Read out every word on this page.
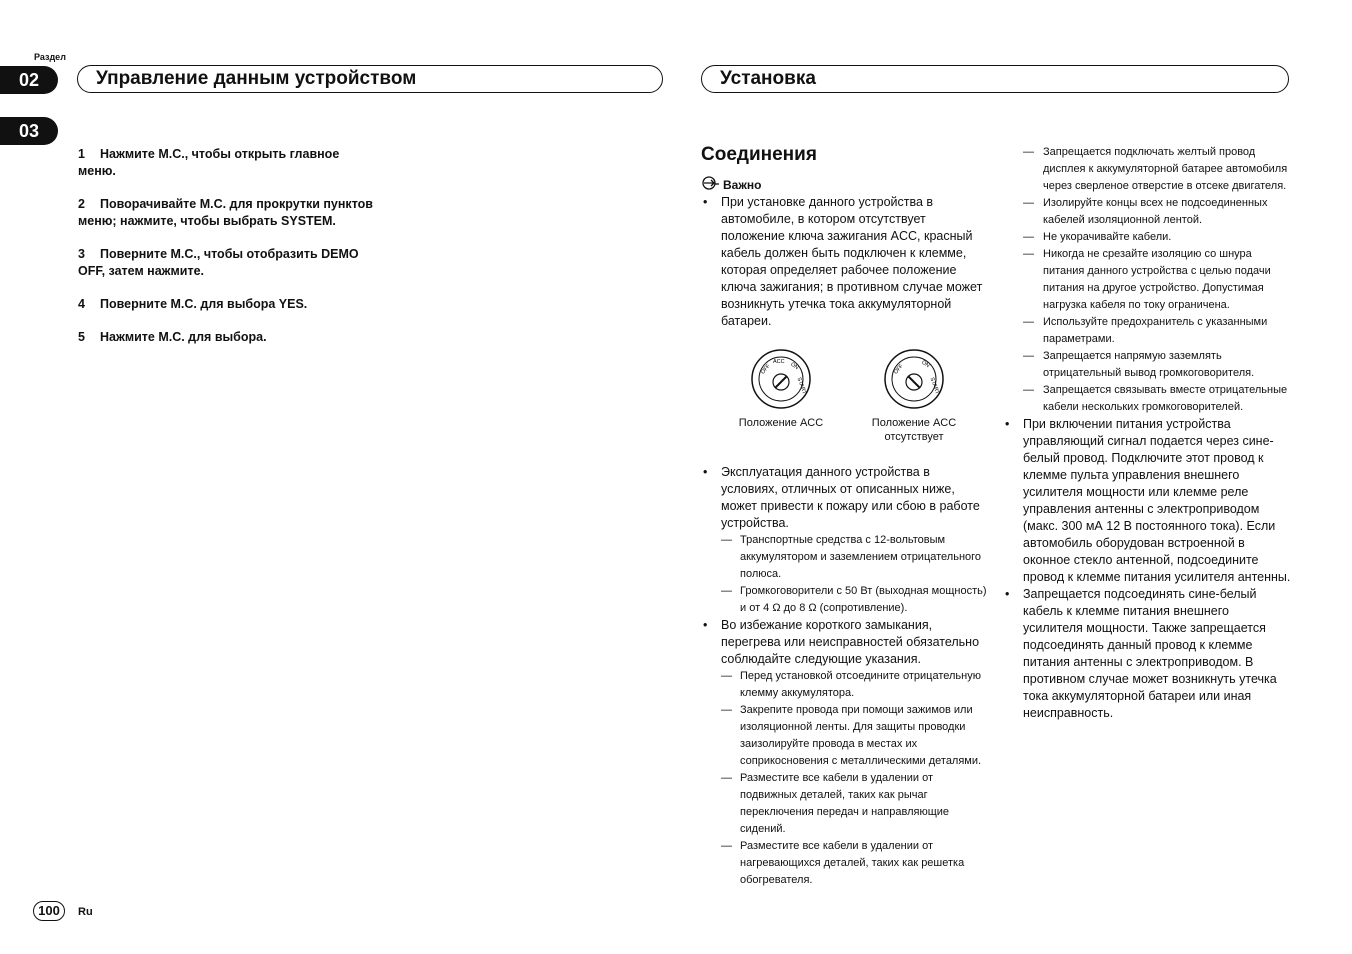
Раздел
02
03
Управление данным устройством	Установка
1 Нажмите M.C., чтобы открыть главное меню.
2 Поворачивайте M.C. для прокрутки пунктов меню; нажмите, чтобы выбрать SYSTEM.
3 Поверните M.C., чтобы отобразить DEMO OFF, затем нажмите.
4 Поверните M.C. для выбора YES.
5 Нажмите M.C. для выбора.
Соединения
Важно

• При установке данного устройства в автомобиле, в котором отсутствует положение ключа зажигания ACC, красный кабель должен быть подключен к клемме, которая определяет рабочее положение ключа зажигания; в противном случае может возникнуть утечка тока аккумуляторной батареи.

OFF
ACC ON
START
Положение ACC
OFF	ON
START
Положение ACC отсутствует

• Эксплуатация данного устройства в условиях, отличных от описанных ниже, может привести к пожару или сбою в работе устройства.

— Транспортные средства с 12-вольтовым аккумулятором и заземлением отрицательного полюса.

— Громкоговорители с 50 Вт (выходная мощность) и от 4 Ω до 8 Ω (сопротивление).

• Во избежание короткого замыкания, перегрева или неисправностей обязательно соблюдайте следующие указания.

— Перед установкой отсоедините отрицательную клемму аккумулятора.

— Закрепите провода при помощи зажимов или изоляционной ленты. Для защиты проводки заизолируйте провода в местах их соприкосновения с металлическими деталями.

— Разместите все кабели в удалении от подвижных деталей, таких как рычаг переключения передач и направляющие сидений.

— Разместите все кабели в удалении от нагревающихся деталей, таких как решетка обогревателя.

— Запрещается подключать желтый провод дисплея к аккумуляторной батарее автомобиля через сверленое отверстие в отсеке двигателя.

— Изолируйте концы всех не подсоединенных кабелей изоляционной лентой.

— Не укорачивайте кабели.

— Никогда не срезайте изоляцию со шнура питания данного устройства с целью подачи питания на другое устройство. Допустимая нагрузка кабеля по току ограничена.

— Используйте предохранитель с указанными параметрами.

— Запрещается напрямую заземлять отрицательный вывод громкоговорителя.

— Запрещается связывать вместе отрицательные кабели нескольких громкоговорителей.

• При включении питания устройства управляющий сигнал подается через сине-белый провод. Подключите этот провод к клемме пульта управления внешнего усилителя мощности или клемме реле управления антенны с электроприводом (макс. 300 мА 12 В постоянного тока). Если автомобиль оборудован встроенной в оконное стекло антенной, подсоедините провод к клемме питания усилителя антенны.

• Запрещается подсоединять сине-белый кабель к клемме питания внешнего усилителя мощности. Также запрещается подсоединять данный провод к клемме питания антенны с электроприводом. В противном случае может возникнуть утечка тока аккумуляторной батареи или иная неисправность.

100	Ru
